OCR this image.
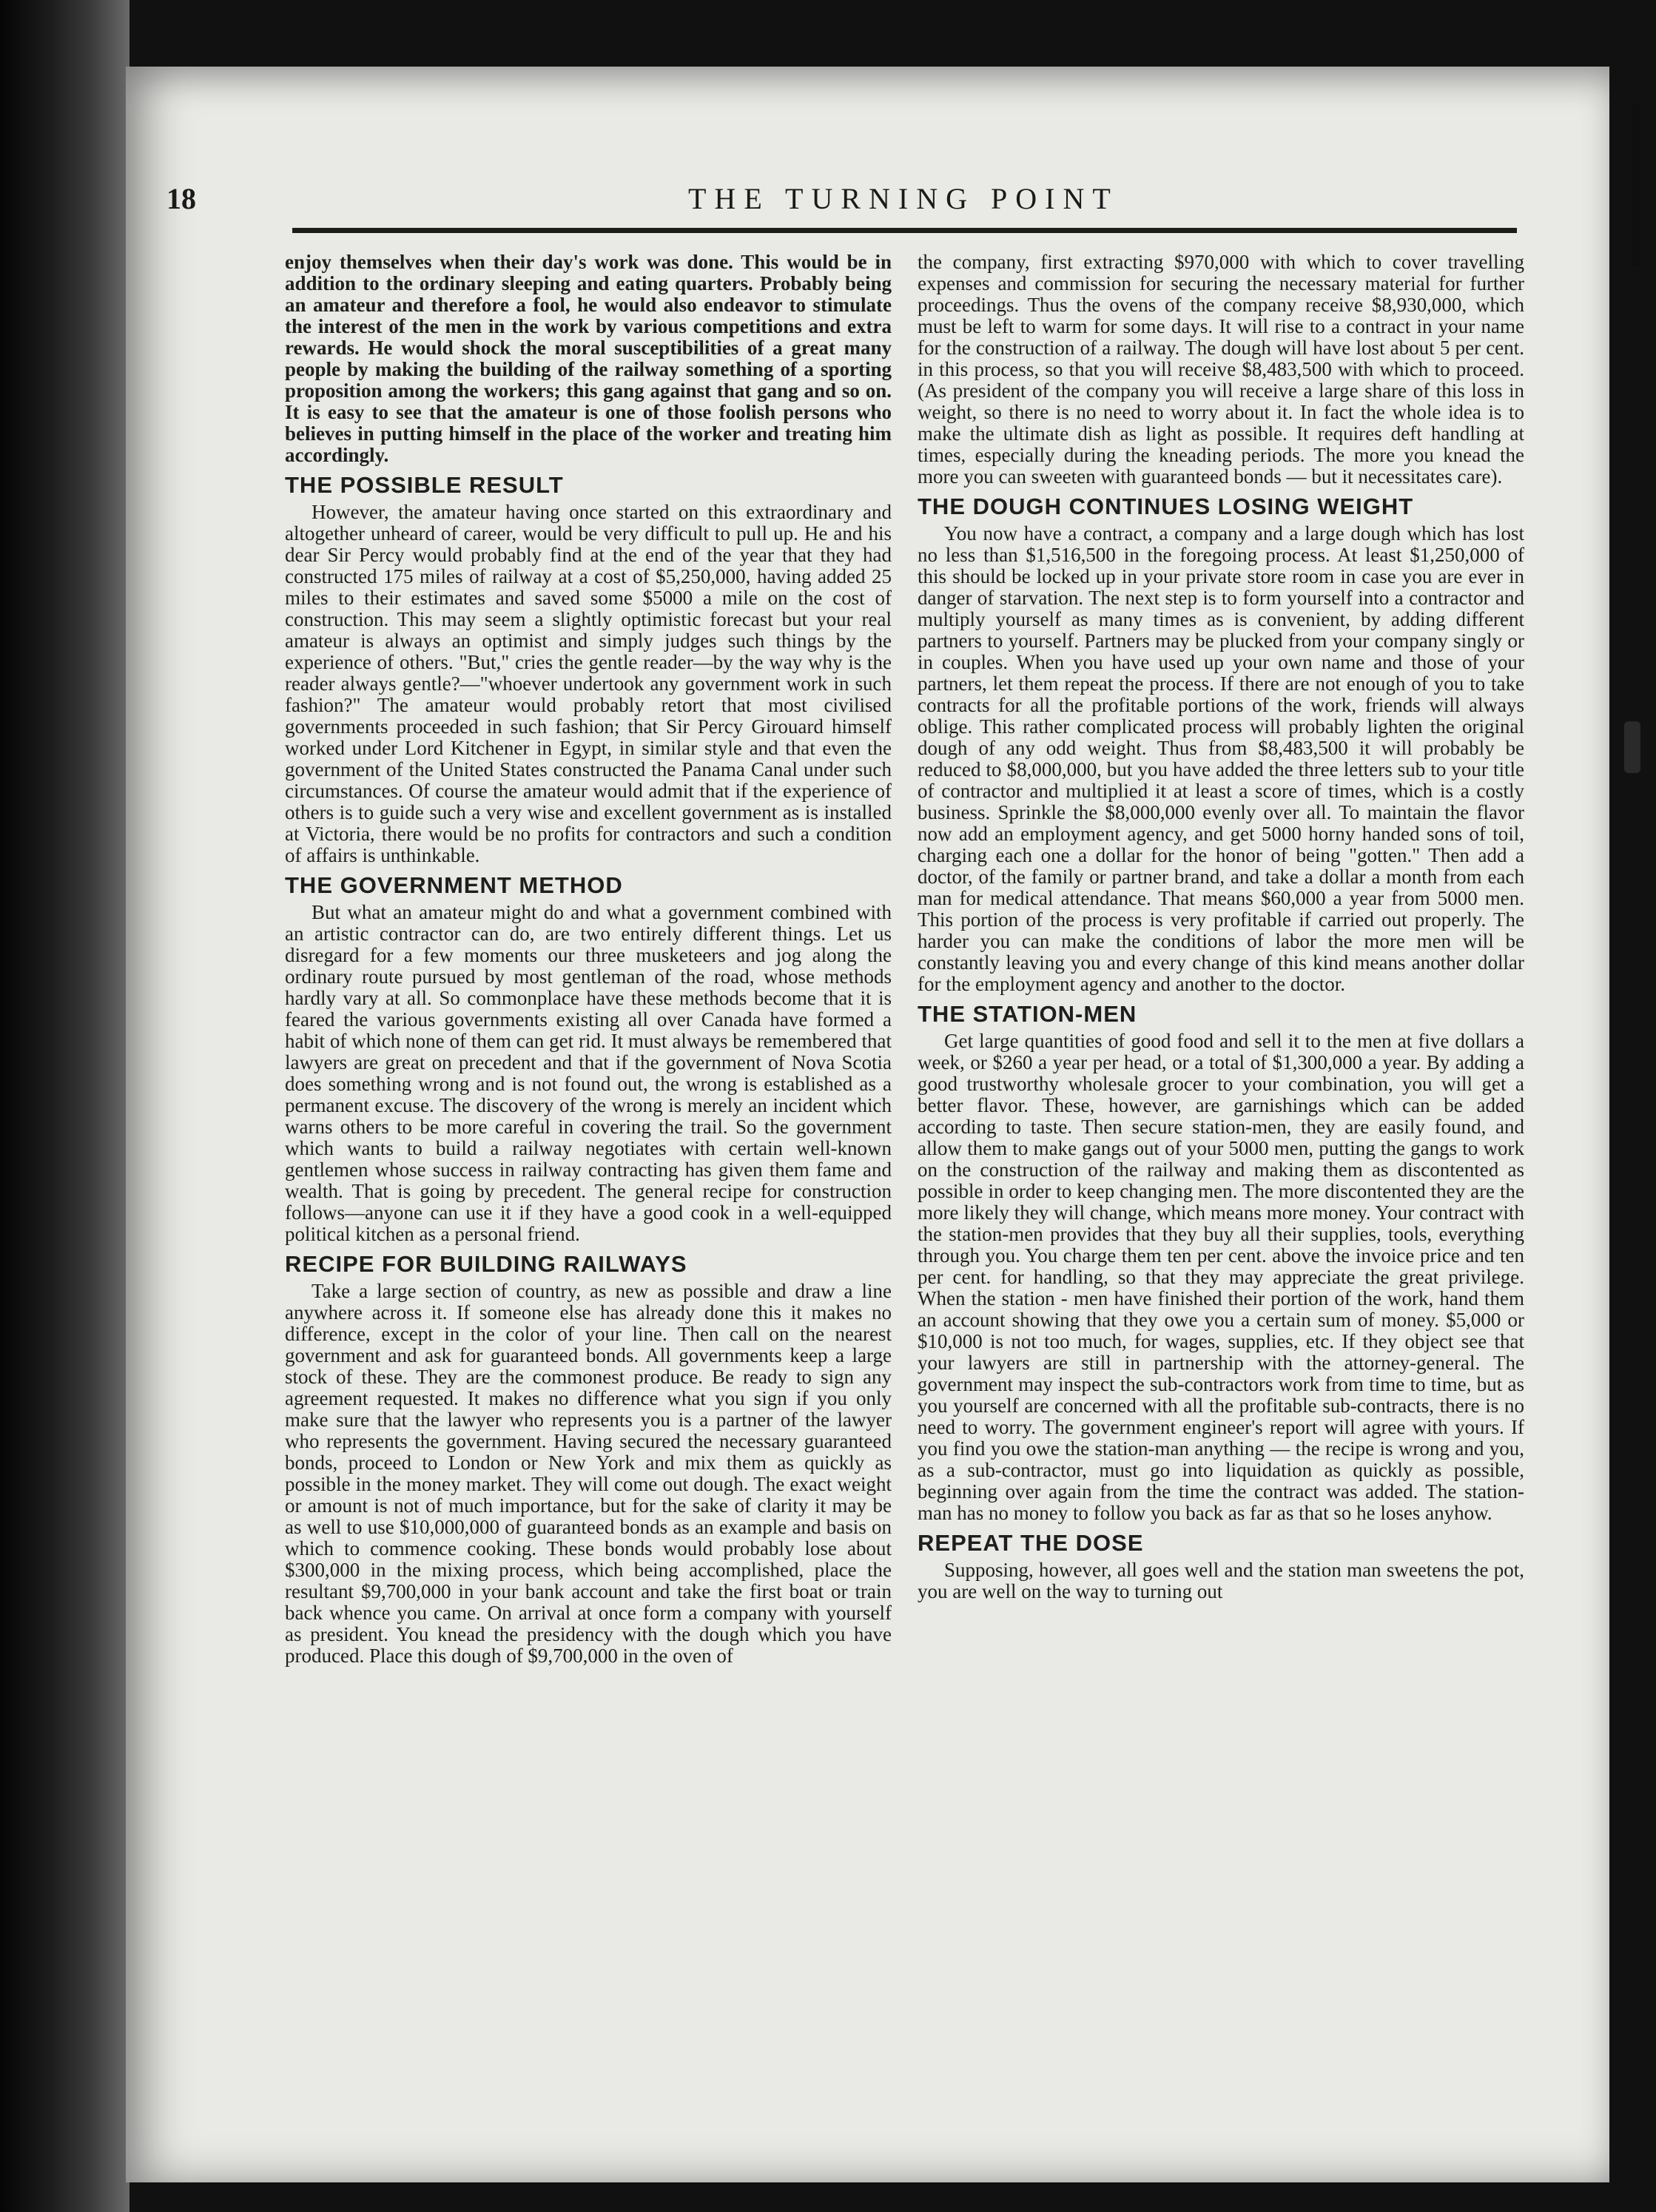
18	THE TURNING POINT

enjoy themselves when their day's work was done. This would be in addition to the ordinary sleeping and eating quarters. Probably being an amateur and therefore a fool, he would also endeavor to stimulate the interest of the men in the work by various competitions and extra rewards. He would shock the moral susceptibilities of a great many people by making the building of the railway something of a sporting proposition among the workers; this gang against that gang and so on. It is easy to see that the amateur is one of those foolish persons who believes in putting himself in the place of the worker and treating him accordingly.

THE POSSIBLE RESULT

However, the amateur having once started on this extraordinary and altogether unheard of career, would be very difficult to pull up. He and his dear Sir Percy would probably find at the end of the year that they had constructed 175 miles of railway at a cost of $5,250,000, having added 25 miles to their estimates and saved some $5000 a mile on the cost of construction. This may seem a slightly optimistic forecast but your real amateur is always an optimist and simply judges such things by the experience of others. "But," cries the gentle reader—by the way why is the reader always gentle?—"whoever undertook any government work in such fashion?" The amateur would probably retort that most civilised governments proceeded in such fashion; that Sir Percy Girouard himself worked under Lord Kitchener in Egypt, in similar style and that even the government of the United States constructed the Panama Canal under such circumstances. Of course the amateur would admit that if the experience of others is to guide such a very wise and excellent government as is installed at Victoria, there would be no profits for contractors and such a condition of affairs is unthinkable.

THE GOVERNMENT METHOD

But what an amateur might do and what a government combined with an artistic contractor can do, are two entirely different things. Let us disregard for a few moments our three musketeers and jog along the ordinary route pursued by most gentleman of the road, whose methods hardly vary at all. So commonplace have these methods become that it is feared the various governments existing all over Canada have formed a habit of which none of them can get rid. It must always be remembered that lawyers are great on precedent and that if the government of Nova Scotia does something wrong and is not found out, the wrong is established as a permanent excuse. The discovery of the wrong is merely an incident which warns others to be more careful in covering the trail. So the government which wants to build a railway negotiates with certain well-known gentlemen whose success in railway contracting has given them fame and wealth. That is going by precedent. The general recipe for construction follows—anyone can use it if they have a good cook in a well-equipped political kitchen as a personal friend.

RECIPE FOR BUILDING RAILWAYS

Take a large section of country, as new as possible and draw a line anywhere across it. If someone else has already done this it makes no difference, except in the color of your line. Then call on the nearest government and ask for guaranteed bonds. All governments keep a large stock of these. They are the commonest produce. Be ready to sign any agreement requested. It makes no difference what you sign if you only make sure that the lawyer who represents you is a partner of the lawyer who represents the government. Having secured the necessary guaranteed bonds, proceed to London or New York and mix them as quickly as possible in the money market. They will come out dough. The exact weight or amount is not of much importance, but for the sake of clarity it may be as well to use $10,000,000 of guaranteed bonds as an example and basis on which to commence cooking. These bonds would probably lose about $300,000 in the mixing process, which being accomplished, place the resultant $9,700,000 in your bank account and take the first boat or train back whence you came. On arrival at once form a company with yourself as president. You knead the presidency with the dough which you have produced. Place this dough of $9,700,000 in the oven of

the company, first extracting $970,000 with which to cover travelling expenses and commission for securing the necessary material for further proceedings. Thus the ovens of the company receive $8,930,000, which must be left to warm for some days. It will rise to a contract in your name for the construction of a railway. The dough will have lost about 5 per cent. in this process, so that you will receive $8,483,500 with which to proceed. (As president of the company you will receive a large share of this loss in weight, so there is no need to worry about it. In fact the whole idea is to make the ultimate dish as light as possible. It requires deft handling at times, especially during the kneading periods. The more you knead the more you can sweeten with guaranteed bonds — but it necessitates care).

THE DOUGH CONTINUES LOSING WEIGHT

You now have a contract, a company and a large dough which has lost no less than $1,516,500 in the foregoing process. At least $1,250,000 of this should be locked up in your private store room in case you are ever in danger of starvation. The next step is to form yourself into a contractor and multiply yourself as many times as is convenient, by adding different partners to yourself. Partners may be plucked from your company singly or in couples. When you have used up your own name and those of your partners, let them repeat the process. If there are not enough of you to take contracts for all the profitable portions of the work, friends will always oblige. This rather complicated process will probably lighten the original dough of any odd weight. Thus from $8,483,500 it will probably be reduced to $8,000,000, but you have added the three letters sub to your title of contractor and multiplied it at least a score of times, which is a costly business. Sprinkle the $8,000,000 evenly over all. To maintain the flavor now add an employment agency, and get 5000 horny handed sons of toil, charging each one a dollar for the honor of being "gotten." Then add a doctor, of the family or partner brand, and take a dollar a month from each man for medical attendance. That means $60,000 a year from 5000 men. This portion of the process is very profitable if carried out properly. The harder you can make the conditions of labor the more men will be constantly leaving you and every change of this kind means another dollar for the employment agency and another to the doctor.

THE STATION-MEN

Get large quantities of good food and sell it to the men at five dollars a week, or $260 a year per head, or a total of $1,300,000 a year. By adding a good trustworthy wholesale grocer to your combination, you will get a better flavor. These, however, are garnishings which can be added according to taste. Then secure station-men, they are easily found, and allow them to make gangs out of your 5000 men, putting the gangs to work on the construction of the railway and making them as discontented as possible in order to keep changing men. The more discontented they are the more likely they will change, which means more money. Your contract with the station-men provides that they buy all their supplies, tools, everything through you. You charge them ten per cent. above the invoice price and ten per cent. for handling, so that they may appreciate the great privilege. When the station - men have finished their portion of the work, hand them an account showing that they owe you a certain sum of money. $5,000 or $10,000 is not too much, for wages, supplies, etc. If they object see that your lawyers are still in partnership with the attorney-general. The government may inspect the sub-contractors work from time to time, but as you yourself are concerned with all the profitable sub-contracts, there is no need to worry. The government engineer's report will agree with yours. If you find you owe the station-man anything — the recipe is wrong and you, as a sub-contractor, must go into liquidation as quickly as possible, beginning over again from the time the contract was added. The station-man has no money to follow you back as far as that so he loses anyhow.

REPEAT THE DOSE

Supposing, however, all goes well and the station man sweetens the pot, you are well on the way to turning out
